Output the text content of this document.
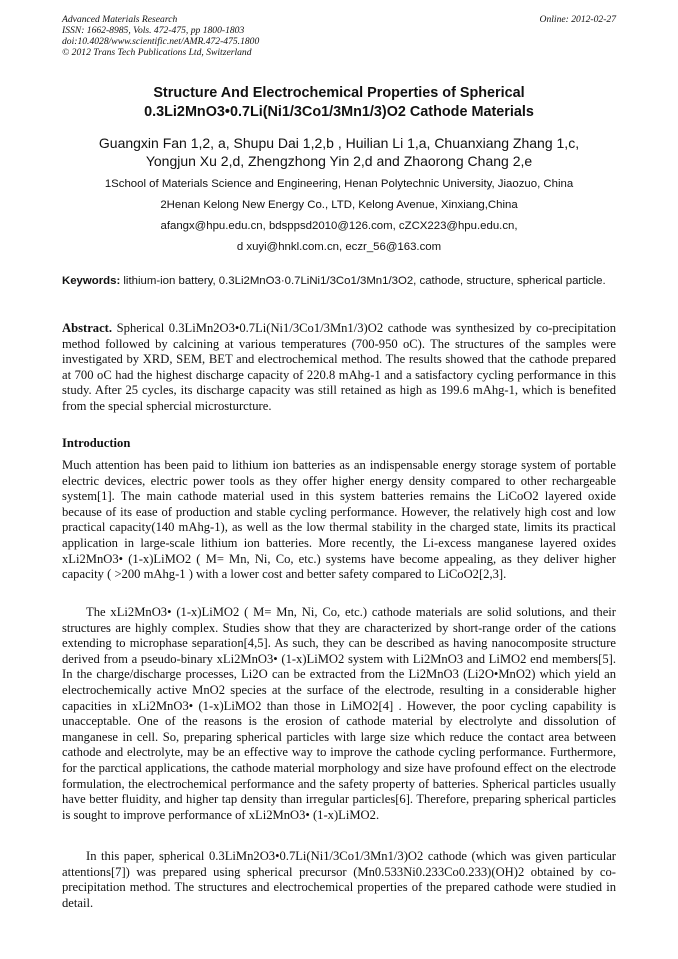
Advanced Materials Research
ISSN: 1662-8985, Vols. 472-475, pp 1800-1803
doi:10.4028/www.scientific.net/AMR.472-475.1800
© 2012 Trans Tech Publications Ltd, Switzerland
Online: 2012-02-27
Structure And Electrochemical Properties of Spherical
0.3Li2MnO3•0.7Li(Ni1/3Co1/3Mn1/3)O2 Cathode Materials
Guangxin Fan 1,2, a, Shupu Dai 1,2,b , Huilian Li 1,a, Chuanxiang Zhang 1,c,
Yongjun Xu 2,d, Zhengzhong Yin 2,d and Zhaorong Chang 2,e
1School of Materials Science and Engineering, Henan Polytechnic University, Jiaozuo, China
2Henan Kelong New Energy Co., LTD, Kelong Avenue, Xinxiang,China
afangx@hpu.edu.cn, bdsppsd2010@126.com, cZCX223@hpu.edu.cn,
d xuyi@hnkl.com.cn, eczr_56@163.com
Keywords: lithium-ion battery, 0.3Li2MnO3·0.7LiNi1/3Co1/3Mn1/3O2, cathode, structure, spherical particle.
Abstract. Spherical 0.3LiMn2O3•0.7Li(Ni1/3Co1/3Mn1/3)O2 cathode was synthesized by co-precipitation method followed by calcining at various temperatures (700-950 oC). The structures of the samples were investigated by XRD, SEM, BET and electrochemical method. The results showed that the cathode prepared at 700 oC had the highest discharge capacity of 220.8 mAhg-1 and a satisfactory cycling performance in this study. After 25 cycles, its discharge capacity was still retained as high as 199.6 mAhg-1, which is benefited from the special sphercial microsturcture.
Introduction
Much attention has been paid to lithium ion batteries as an indispensable energy storage system of portable electric devices, electric power tools as they offer higher energy density compared to other rechargeable system[1]. The main cathode material used in this system batteries remains the LiCoO2 layered oxide because of its ease of production and stable cycling performance. However, the relatively high cost and low practical capacity(140 mAhg-1), as well as the low thermal stability in the charged state, limits its practical application in large-scale lithium ion batteries. More recently, the Li-excess manganese layered oxides xLi2MnO3• (1-x)LiMO2 ( M= Mn, Ni, Co, etc.) systems have become appealing, as they deliver higher capacity ( >200 mAhg-1 ) with a lower cost and better safety compared to LiCoO2[2,3].
The xLi2MnO3• (1-x)LiMO2 ( M= Mn, Ni, Co, etc.) cathode materials are solid solutions, and their structures are highly complex. Studies show that they are characterized by short-range order of the cations extending to microphase separation[4,5]. As such, they can be described as having nanocomposite structure derived from a pseudo-binary xLi2MnO3• (1-x)LiMO2 system with Li2MnO3 and LiMO2 end members[5]. In the charge/discharge processes, Li2O can be extracted from the Li2MnO3 (Li2O•MnO2) which yield an electrochemically active MnO2 species at the surface of the electrode, resulting in a considerable higher capacities in xLi2MnO3• (1-x)LiMO2 than those in LiMO2[4] . However, the poor cycling capability is unacceptable. One of the reasons is the erosion of cathode material by electrolyte and dissolution of manganese in cell. So, preparing spherical particles with large size which reduce the contact area between cathode and electrolyte, may be an effective way to improve the cathode cycling performance. Furthermore, for the parctical applications, the cathode material morphology and size have profound effect on the electrode formulation, the electrochemical performance and the safety property of batteries. Spherical particles usually have better fluidity, and higher tap density than irregular particles[6]. Therefore, preparing spherical particles is sought to improve performance of xLi2MnO3• (1-x)LiMO2.
In this paper, spherical 0.3LiMn2O3•0.7Li(Ni1/3Co1/3Mn1/3)O2 cathode (which was given particular attentions[7]) was prepared using spherical precursor (Mn0.533Ni0.233Co0.233)(OH)2 obtained by co-precipitation method. The structures and electrochemical properties of the prepared cathode were studied in detail.
